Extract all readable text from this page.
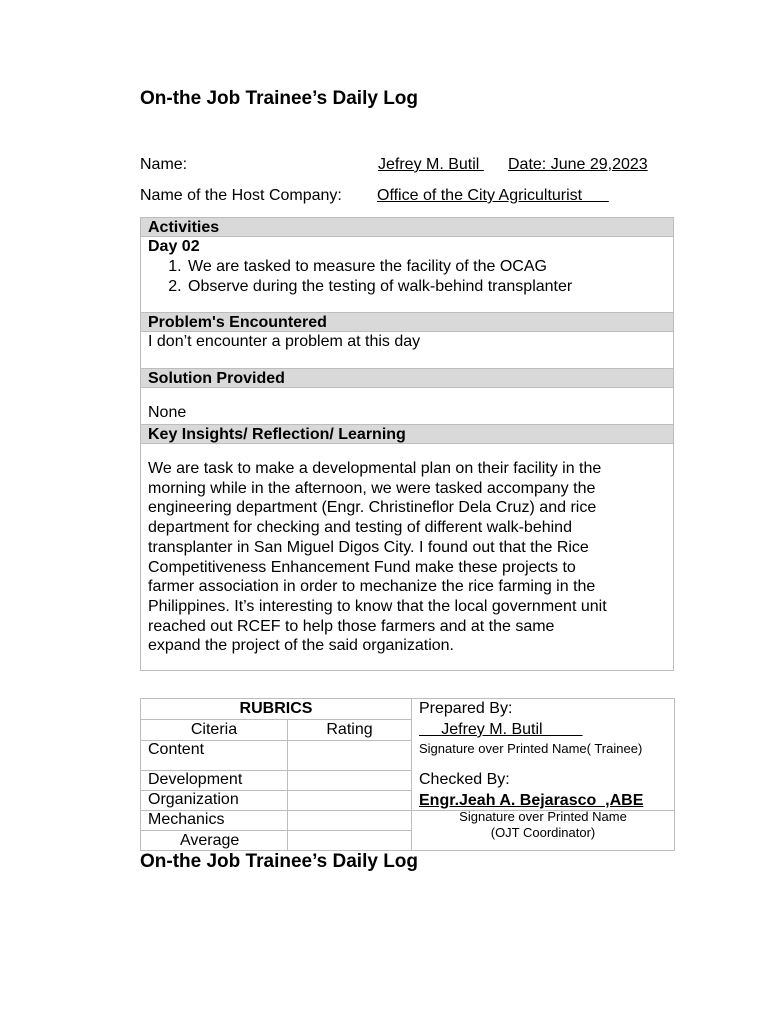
On-the Job Trainee’s Daily Log
Name:	Jefrey M. Butil Date: June 29,2023
Name of the Host Company: Office of the City Agriculturist
Activities
Day 02
1. We are tasked to measure the facility of the OCAG
2. Observe during the testing of walk-behind transplanter
Problem's Encountered
I don’t encounter a problem at this day
Solution Provided
None
Key Insights/ Reflection/ Learning
We are task to make a developmental plan on their facility in the
morning while in the afternoon, we were tasked accompany the
engineering department (Engr. Christineflor Dela Cruz) and rice
department for checking and testing of different walk-behind
transplanter in San Miguel Digos City. I found out that the Rice
Competitiveness Enhancement Fund make these projects to
farmer association in order to mechanize the rice farming in the
Philippines. It’s interesting to know that the local government unit
reached out RCEF to help those farmers and at the same
expand the project of the said organization.
RUBRICS
Citeria	Rating
Content
Development
Organization
Mechanics
Average
Prepared By:
Jefrey M. Butil
Signature over Printed Name( Trainee)
Checked By:
Engr.Jeah A. Bejarasco  ,ABE
Signature over Printed Name
(OJT Coordinator)
On-the Job Trainee’s Daily Log
